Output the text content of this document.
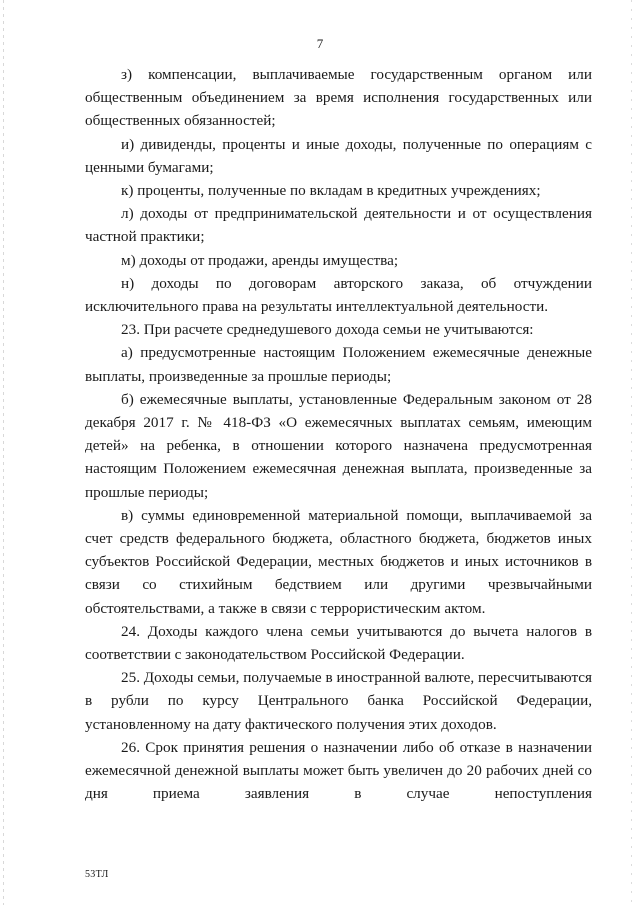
7

з) компенсации, выплачиваемые государственным органом или общественным объединением за время исполнения государственных или общественных обязанностей;

и) дивиденды, проценты и иные доходы, полученные по операциям с ценными бумагами;

к) проценты, полученные по вкладам в кредитных учреждениях;

л) доходы от предпринимательской деятельности и от осуществления частной практики;

м) доходы от продажи, аренды имущества;

н) доходы по договорам авторского заказа, об отчуждении исключительного права на результаты интеллектуальной деятельности.

23. При расчете среднедушевого дохода семьи не учитываются:

а) предусмотренные настоящим Положением ежемесячные денежные выплаты, произведенные за прошлые периоды;

б) ежемесячные выплаты, установленные Федеральным законом от 28 декабря 2017 г. № 418-ФЗ «О ежемесячных выплатах семьям, имеющим детей» на ребенка, в отношении которого назначена предусмотренная настоящим Положением ежемесячная денежная выплата, произведенные за прошлые периоды;

в) суммы единовременной материальной помощи, выплачиваемой за счет средств федерального бюджета, областного бюджета, бюджетов иных субъектов Российской Федерации, местных бюджетов и иных источников в связи со стихийным бедствием или другими чрезвычайными обстоятельствами, а также в связи с террористическим актом.

24. Доходы каждого члена семьи учитываются до вычета налогов в соответствии с законодательством Российской Федерации.

25. Доходы семьи, получаемые в иностранной валюте, пересчитываются в рубли по курсу Центрального банка Российской Федерации, установленному на дату фактического получения этих доходов.

26. Срок принятия решения о назначении либо об отказе в назначении ежемесячной денежной выплаты может быть увеличен до 20 рабочих дней со дня приема заявления в случае непоступления

53ТЛ
